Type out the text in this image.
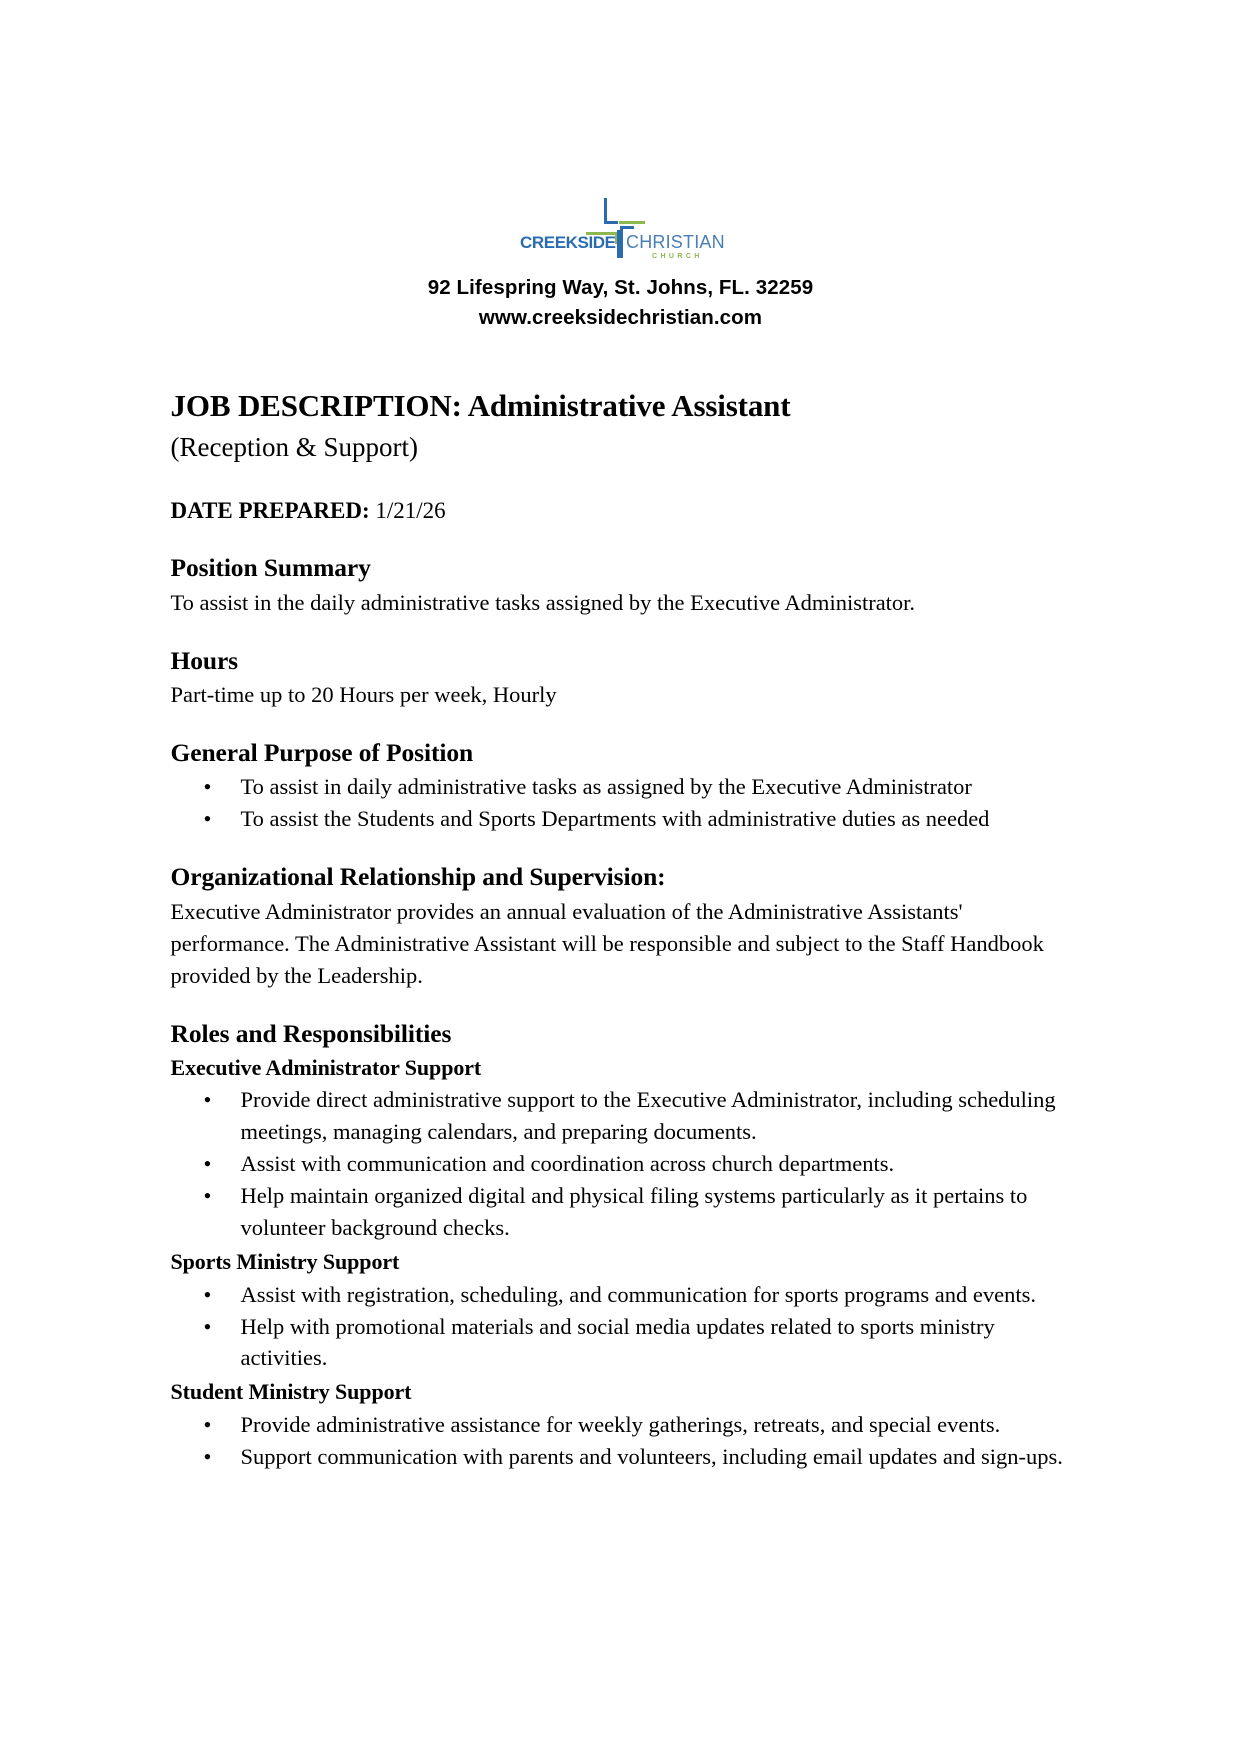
CREEKSIDE CHRISTIAN
CHURCH
92 Lifespring Way, St. Johns, FL. 32259
www.creeksidechristian.com
JOB DESCRIPTION: Administrative Assistant
(Reception & Support)
DATE PREPARED: 1/21/26
Position Summary

To assist in the daily administrative tasks assigned by the Executive Administrator.

Hours

Part-time up to 20 Hours per week, Hourly

General Purpose of Position
• To assist in daily administrative tasks as assigned by the Executive Administrator
• To assist the Students and Sports Departments with administrative duties as needed
Organizational Relationship and Supervision:

Executive Administrator provides an annual evaluation of the Administrative Assistants' performance. The Administrative Assistant will be responsible and subject to the Staff Handbook provided by the Leadership.

Roles and Responsibilities
Executive Administrator Support
• Provide direct administrative support to the Executive Administrator, including scheduling meetings, managing calendars, and preparing documents.
• Assist with communication and coordination across church departments.
• Help maintain organized digital and physical filing systems particularly as it pertains to volunteer background checks.
Sports Ministry Support
• Assist with registration, scheduling, and communication for sports programs and events.
• Help with promotional materials and social media updates related to sports ministry activities.
Student Ministry Support
• Provide administrative assistance for weekly gatherings, retreats, and special events.
• Support communication with parents and volunteers, including email updates and sign-ups.
